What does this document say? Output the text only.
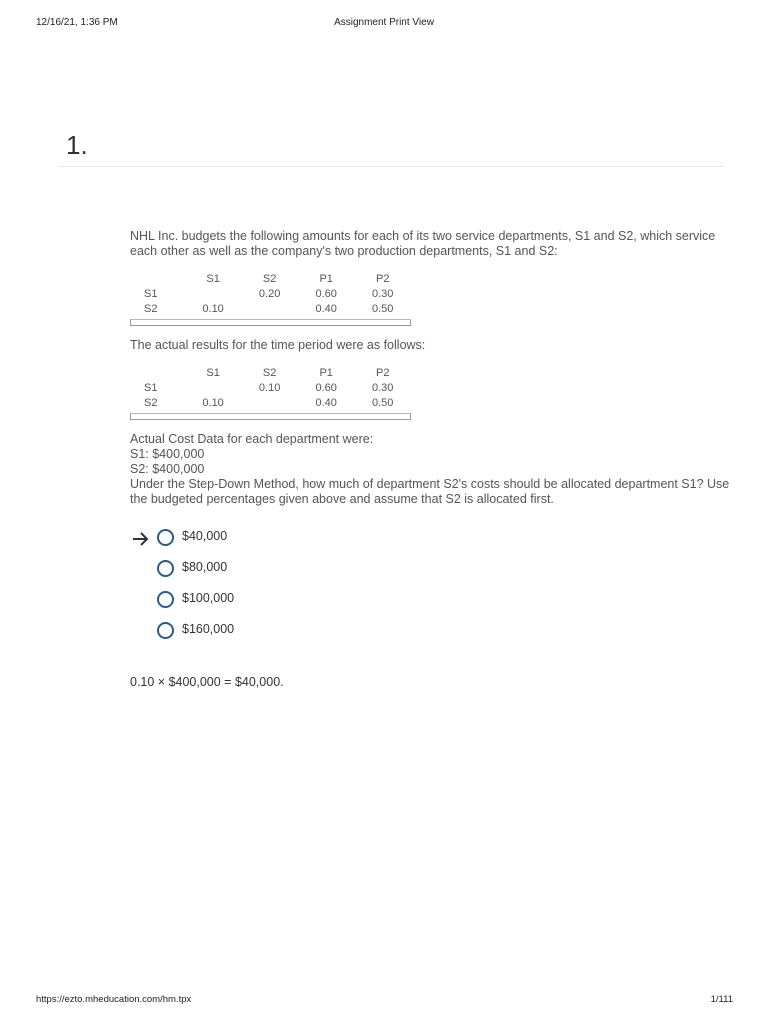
12/16/21, 1:36 PM	Assignment Print View
1.

NHL Inc. budgets the following amounts for each of its two service departments, S1 and S2, which service each other as well as the company's two production departments, S1 and S2:

	S1	S2	P1	P2
S1		0.20	0.60	0.30
S2	0.10		0.40	0.50

The actual results for the time period were as follows:

	S1	S2	P1	P2
S1		0.10	0.60	0.30
S2	0.10		0.40	0.50

Actual Cost Data for each department were:

S1: $400,000

S2: $400,000

Under the Step-Down Method, how much of department S2's costs should be allocated department S1? Use the budgeted percentages given above and assume that S2 is allocated first.

$40,000
$80,000
$100,000
$160,000
0.10 × $400,000 = $40,000.
https://ezto.mheducation.com/hm.tpx	1/111
